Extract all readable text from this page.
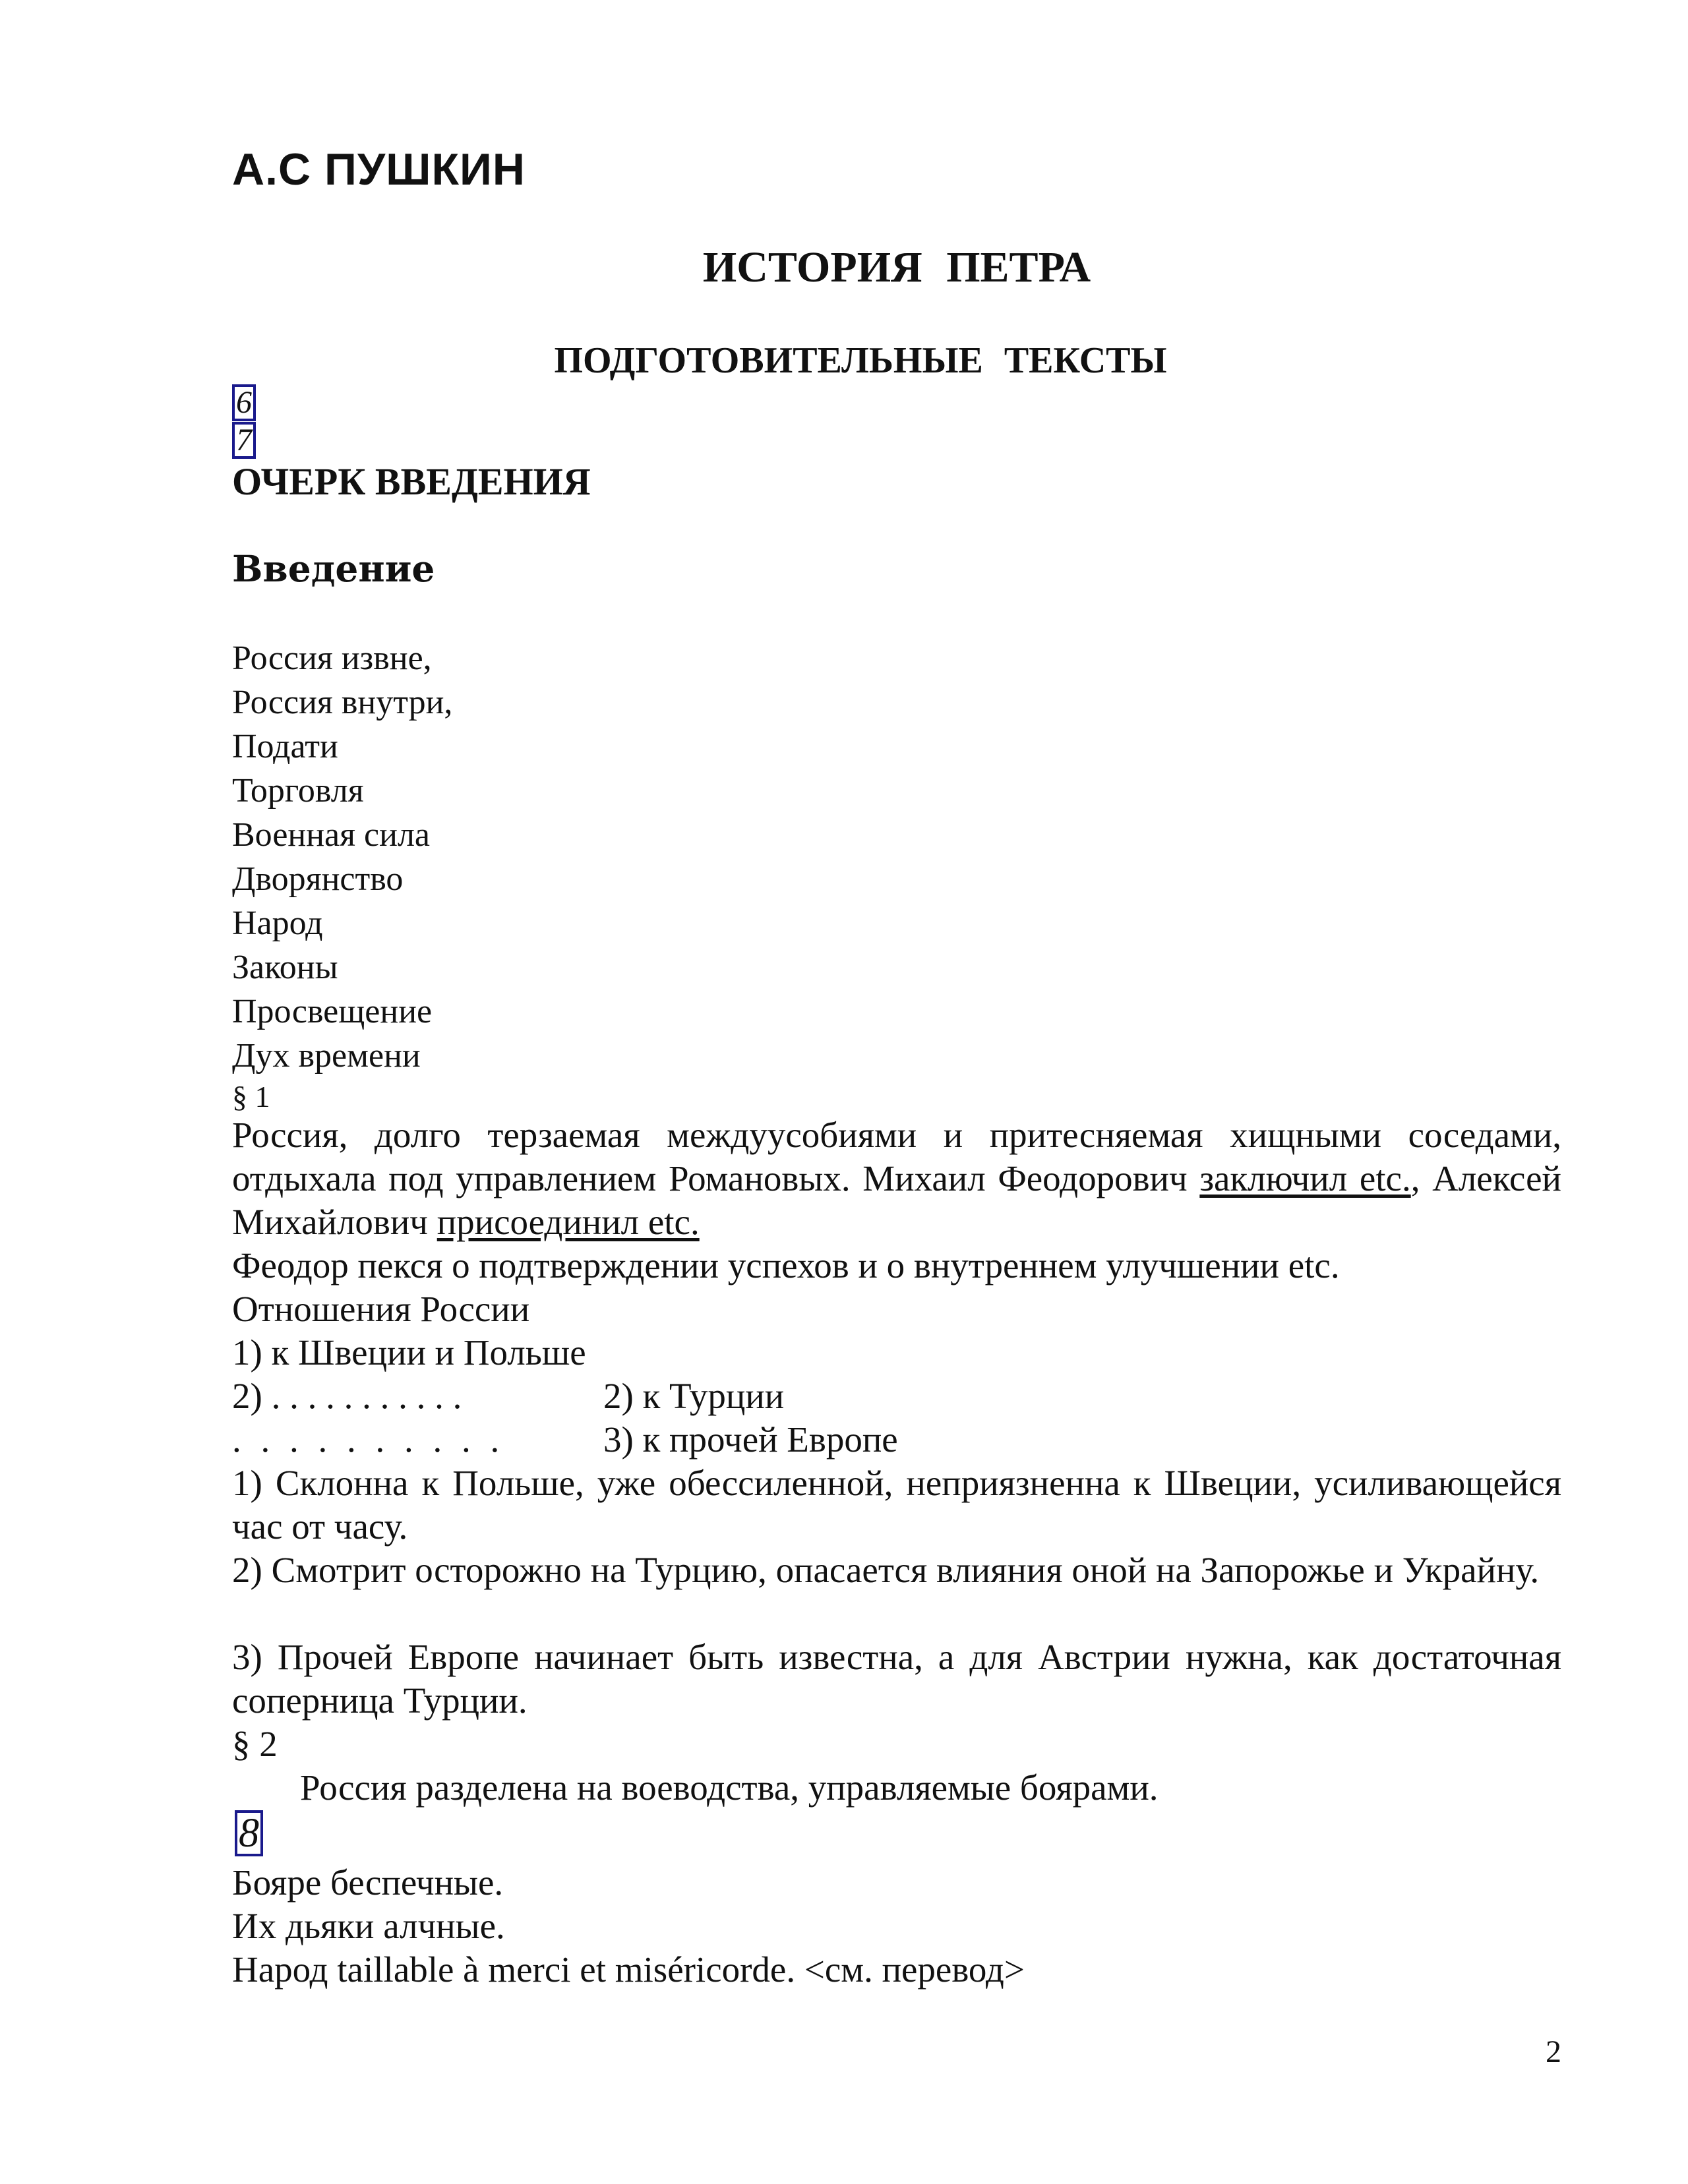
А.С ПУШКИН
ИСТОРИЯ ПЕТРА
ПОДГОТОВИТЕЛЬНЫЕ ТЕКСТЫ
6
7
ОЧЕРК ВВЕДЕНИЯ
Введение
Россия извне,
Россия внутри,
Подати
Торговля
Военная сила
Дворянство
Народ
Законы
Просвещение
Дух времени
§ 1
Россия, долго терзаемая междуусобиями и притесняемая хищными соседами, отдыхала под управлением Романовых. Михаил Феодорович заключил etc., Алексей Михайлович присоединил etc.
Феодор пекся о подтверждении успехов и о внутреннем улучшении etc.
Отношения России
1) к Швеции и Польше
2) . . . . . . . . . . .	2) к Турции
. . . . . . . . . .	3) к прочей Европе
1) Склонна к Польше, уже обессиленной, неприязненна к Швеции, усиливающейся час от часу.
2) Смотрит осторожно на Турцию, опасается влияния оной на Запорожье и Украйну.
3) Прочей Европе начинает быть известна, а для Австрии нужна, как достаточная соперница Турции.
§ 2
Россия разделена на воеводства, управляемые боярами.
8
Бояре беспечные.
Их дьяки алчные.
Народ taillable à merci et miséricorde. <см. перевод>
2
